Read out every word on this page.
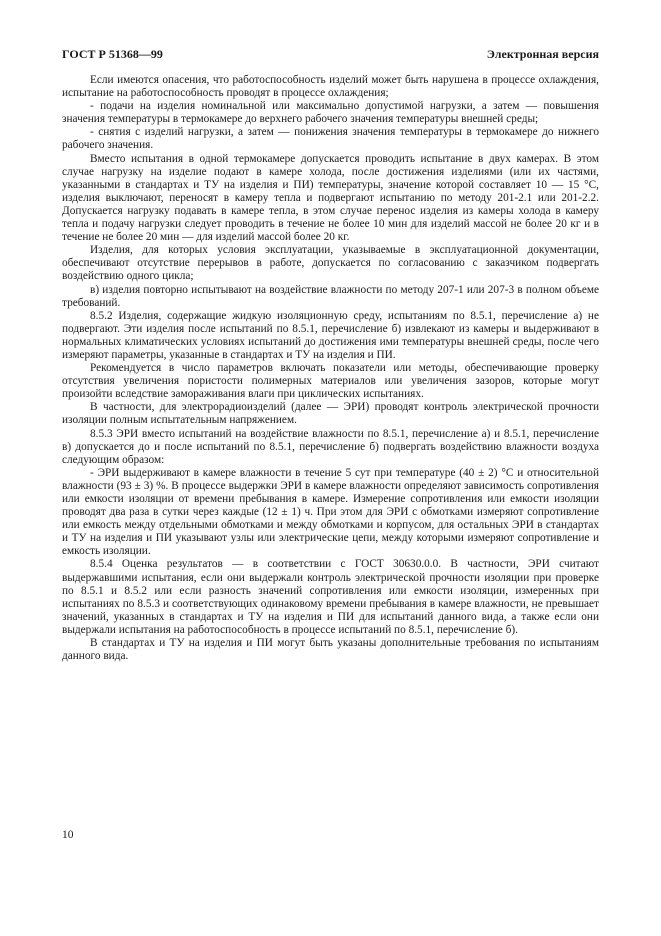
ГОСТ Р 51368—99	Электронная версия

Если имеются опасения, что работоспособность изделий может быть нарушена в процессе охлаждения, испытание на работоспособность проводят в процессе охлаждения;

- подачи на изделия номинальной или максимально допустимой нагрузки, а затем — повышения значения температуры в термокамере до верхнего рабочего значения температуры внешней среды;

- снятия с изделий нагрузки, а затем — понижения значения температуры в термокамере до нижнего рабочего значения.

Вместо испытания в одной термокамере допускается проводить испытание в двух камерах. В этом случае нагрузку на изделие подают в камере холода, после достижения изделиями (или их частями, указанными в стандартах и ТУ на изделия и ПИ) температуры, значение которой составляет 10 — 15 °С, изделия выключают, переносят в камеру тепла и подвергают испытанию по методу 201-2.1 или 201-2.2. Допускается нагрузку подавать в камере тепла, в этом случае перенос изделия из камеры холода в камеру тепла и подачу нагрузки следует проводить в течение не более 10 мин для изделий массой не более 20 кг и в течение не более 20 мин — для изделий массой более 20 кг.

Изделия, для которых условия эксплуатации, указываемые в эксплуатационной документации, обеспечивают отсутствие перерывов в работе, допускается по согласованию с заказчиком подвергать воздействию одного цикла;

в) изделия повторно испытывают на воздействие влажности по методу 207-1 или 207-3 в полном объеме требований.

8.5.2 Изделия, содержащие жидкую изоляционную среду, испытаниям по 8.5.1, перечисление а) не подвергают. Эти изделия после испытаний по 8.5.1, перечисление б) извлекают из камеры и выдерживают в нормальных климатических условиях испытаний до достижения ими температуры внешней среды, после чего измеряют параметры, указанные в стандартах и ТУ на изделия и ПИ.

Рекомендуется в число параметров включать показатели или методы, обеспечивающие проверку отсутствия увеличения пористости полимерных материалов или увеличения зазоров, которые могут произойти вследствие замораживания влаги при циклических испытаниях.

В частности, для электрорадиоизделий (далее — ЭРИ) проводят контроль электрической прочности изоляции полным испытательным напряжением.

8.5.3 ЭРИ вместо испытаний на воздействие влажности по 8.5.1, перечисление а) и 8.5.1, перечисление в) допускается до и после испытаний по 8.5.1, перечисление б) подвергать воздействию влажности воздуха следующим образом:

- ЭРИ выдерживают в камере влажности в течение 5 сут при температуре (40 ± 2) °С и относительной влажности (93 ± 3) %. В процессе выдержки ЭРИ в камере влажности определяют зависимость сопротивления или емкости изоляции от времени пребывания в камере. Измерение сопротивления или емкости изоляции проводят два раза в сутки через каждые (12 ± 1) ч. При этом для ЭРИ с обмотками измеряют сопротивление или емкость между отдельными обмотками и между обмотками и корпусом, для остальных ЭРИ в стандартах и ТУ на изделия и ПИ указывают узлы или электрические цепи, между которыми измеряют сопротивление и емкость изоляции.

8.5.4 Оценка результатов — в соответствии с ГОСТ 30630.0.0. В частности, ЭРИ считают выдержавшими испытания, если они выдержали контроль электрической прочности изоляции при проверке по 8.5.1 и 8.5.2 или если разность значений сопротивления или емкости изоляции, измеренных при испытаниях по 8.5.3 и соответствующих одинаковому времени пребывания в камере влажности, не превышает значений, указанных в стандартах и ТУ на изделия и ПИ для испытаний данного вида, а также если они выдержали испытания на работоспособность в процессе испытаний по 8.5.1, перечисление б).

В стандартах и ТУ на изделия и ПИ могут быть указаны дополнительные требования по испытаниям данного вида.

10
